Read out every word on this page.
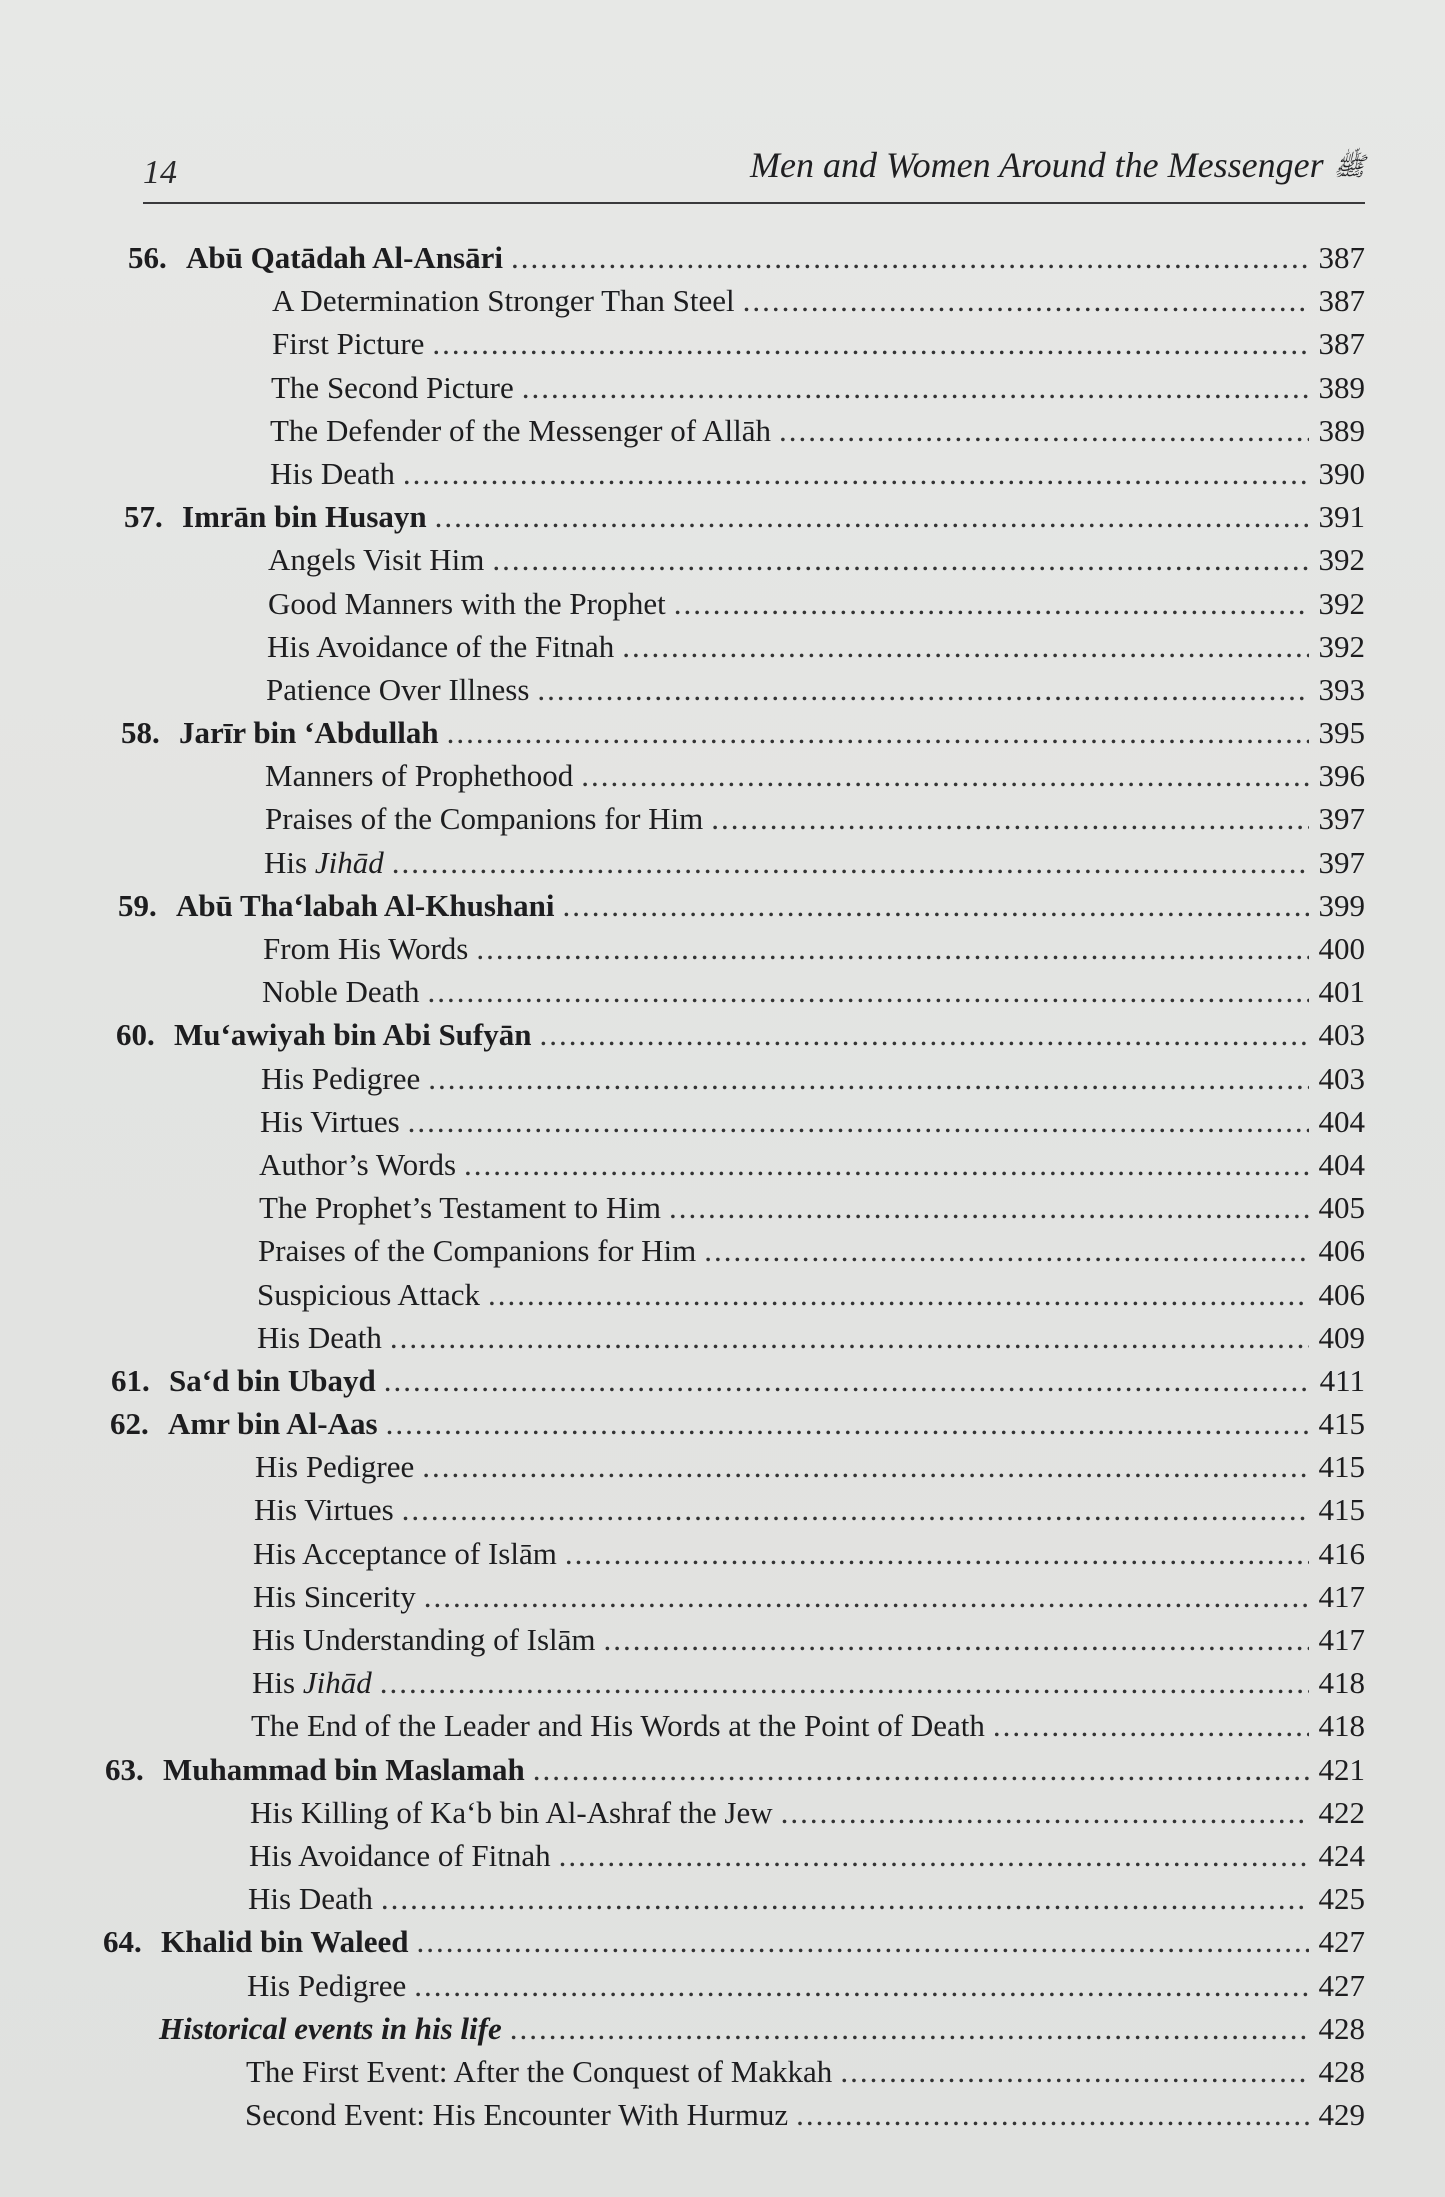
14	Men and Women Around the Messenger ﷺ
56. Abū Qatādah Al-Ansāri .....	387
A Determination Stronger Than Steel .....	387
First Picture .....	387
The Second Picture .....	389
The Defender of the Messenger of Allāh .....	389
His Death .....	390
57. Imrān bin Husayn .....	391
Angels Visit Him .....	392
Good Manners with the Prophet .....	392
His Avoidance of the Fitnah .....	392
Patience Over Illness .....	393
58. Jarīr bin ‘Abdullah .....	395
Manners of Prophethood .....	396
Praises of the Companions for Him .....	397
His Jihād .....	397
59. Abū Tha‘labah Al-Khushani .....	399
From His Words .....	400
Noble Death .....	401
60. Mu‘awiyah bin Abi Sufyān .....	403
His Pedigree .....	403
His Virtues .....	404
Author’s Words .....	404
The Prophet’s Testament to Him .....	405
Praises of the Companions for Him .....	406
Suspicious Attack .....	406
His Death .....	409
61. Sa‘d bin Ubayd .....	411
62. Amr bin Al-Aas .....	415
His Pedigree .....	415
His Virtues .....	415
His Acceptance of Islām .....	416
His Sincerity .....	417
His Understanding of Islām .....	417
His Jihād .....	418
The End of the Leader and His Words at the Point of Death .....	418
63. Muhammad bin Maslamah .....	421
His Killing of Ka‘b bin Al-Ashraf the Jew .....	422
His Avoidance of Fitnah .....	424
His Death .....	425
64. Khalid bin Waleed .....	427
His Pedigree .....	427
Historical events in his life .....	428
The First Event: After the Conquest of Makkah .....	428
Second Event: His Encounter With Hurmuz .....	429
